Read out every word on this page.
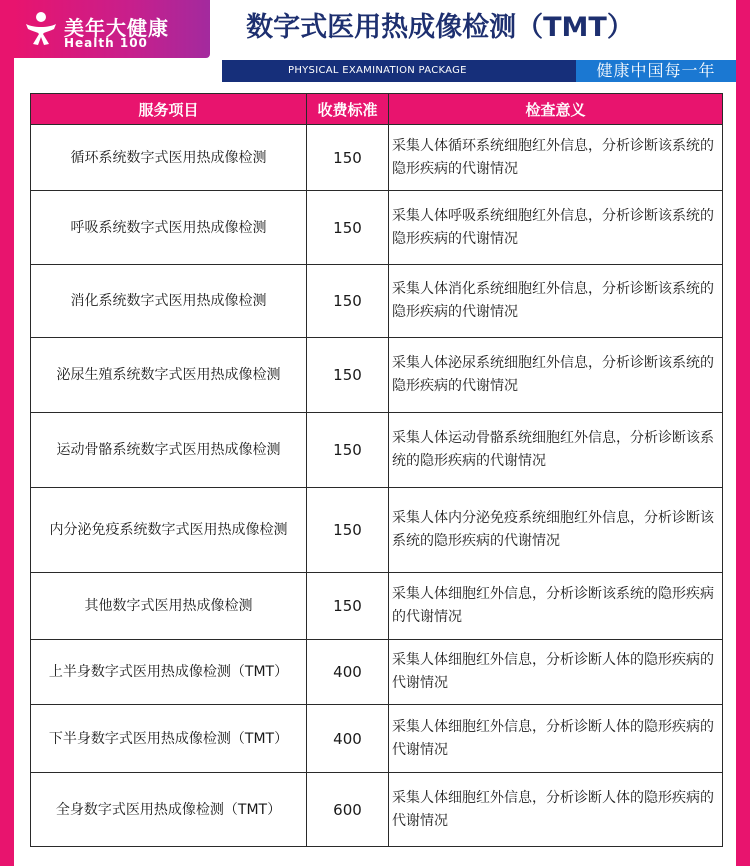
美年大健康
Health 100	数字式医用热成像检测（TMT）
PHYSICAL EXAMINATION PACKAGE	健康中国每一年
服务项目	收费标准	检查意义
循环系统数字式医用热成像检测	150	采集人体循环系统细胞红外信息，分析诊断该系统的隐形疾病的代谢情况
呼吸系统数字式医用热成像检测	150	采集人体呼吸系统细胞红外信息，分析诊断该系统的隐形疾病的代谢情况
消化系统数字式医用热成像检测	150	采集人体消化系统细胞红外信息，分析诊断该系统的隐形疾病的代谢情况
泌尿生殖系统数字式医用热成像检测	150	采集人体泌尿系统细胞红外信息，分析诊断该系统的隐形疾病的代谢情况
运动骨骼系统数字式医用热成像检测	150	采集人体运动骨骼系统细胞红外信息，分析诊断该系统的隐形疾病的代谢情况
内分泌免疫系统数字式医用热成像检测	150	采集人体内分泌免疫系统细胞红外信息，分析诊断该系统的隐形疾病的代谢情况
其他数字式医用热成像检测	150	采集人体细胞红外信息，分析诊断该系统的隐形疾病的代谢情况
上半身数字式医用热成像检测（TMT）	400	采集人体细胞红外信息，分析诊断人体的隐形疾病的代谢情况
下半身数字式医用热成像检测（TMT）	400	采集人体细胞红外信息，分析诊断人体的隐形疾病的代谢情况
全身数字式医用热成像检测（TMT）	600	采集人体细胞红外信息，分析诊断人体的隐形疾病的代谢情况
